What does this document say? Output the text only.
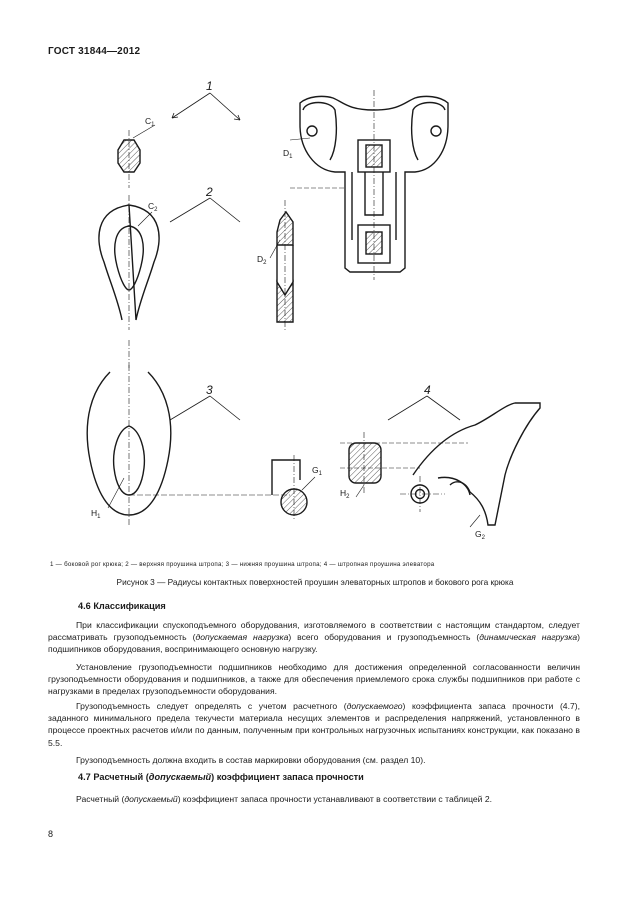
ГОСТ 31844—2012
1
2
3	4
$C_1$
$C_2$
$D_1$
$D_2$
$G_1$
$G_2$
$H_1$
$H_2$
1 — боковой рог крюка; 2 — верхняя проушина штропа; 3 — нижняя проушина штропа; 4 — штропная проушина элеватора
Рисунок 3 — Радиусы контактных поверхностей проушин элеваторных штропов и бокового рога крюка
4.6 Классификация
При классификации спускоподъемного оборудования, изготовляемого в соответствии с настоящим стандартом, следует рассматривать грузоподъемность (допускаемая нагрузка) всего оборудования и грузоподъемность (динамическая нагрузка) подшипников оборудования, воспринимающего основную нагрузку.
Установление грузоподъемности подшипников необходимо для достижения определенной согласованности величин грузоподъемности оборудования и подшипников, а также для обеспечения приемлемого срока службы подшипников при работе с нагрузками в пределах грузоподъемности оборудования.
Грузоподъемность следует определять с учетом расчетного (допускаемого) коэффициента запаса прочности (4.7), заданного минимального предела текучести материала несущих элементов и распределения напряжений, установленного в процессе проектных расчетов и/или по данным, полученным при контрольных нагрузочных испытаниях конструкции, как показано в 5.5.
Грузоподъемность должна входить в состав маркировки оборудования (см. раздел 10).
4.7 Расчетный (допускаемый) коэффициент запаса прочности
Расчетный (допускаемый) коэффициент запаса прочности устанавливают в соответствии с таблицей 2.
8
